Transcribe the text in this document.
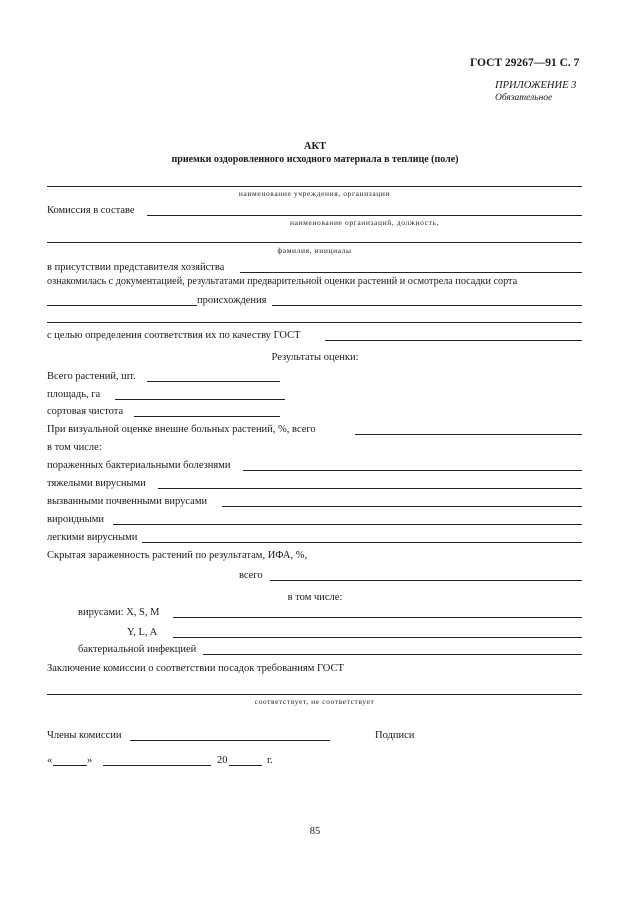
ГОСТ 29267—91 С. 7
ПРИЛОЖЕНИЕ 3
Обязательное
АКТ
приемки оздоровленного исходного материала в теплице (поле)
наименование учреждения, организации
Комиссия в составе
наименование организаций, должность,
фамилия, инициалы
в присутствии представителя хозяйства
ознакомилась с документацией, результатами предварительной оценки растений и осмотрела посадки сорта
происхождения
с целью определения соответствия их по качеству ГОСТ
Результаты оценки:
Всего растений, шт.
площадь, га
сортовая чистота
При визуальной оценке внешне больных растений, %, всего
в том числе:
пораженных бактериальными болезнями
тяжелыми вирусными
вызванными почвенными вирусами
вироидными
легкими вирусными
Скрытая зараженность растений по результатам, ИФА, %,
всего
в том числе:
вирусами: X, S, M
Y, L, A
бактериальной инфекцией
Заключение комиссии о соответствии посадок требованиям ГОСТ
соответствует, не соответствует
Члены комиссии	Подписи
«	»	20	г.
85
